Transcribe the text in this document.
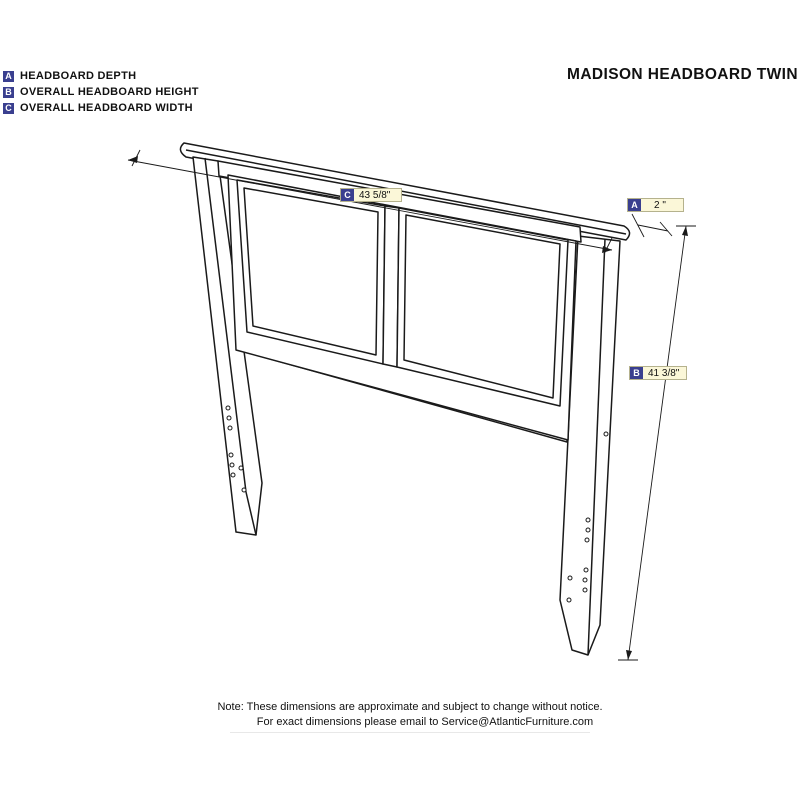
A HEADBOARD DEPTH
B OVERALL HEADBOARD HEIGHT
C OVERALL HEADBOARD WIDTH
MADISON HEADBOARD TWIN
C 43 5/8"
A	2 "
B 41 3/8"
Note: These dimensions are approximate and subject to change without notice.
For exact dimensions please email to Service@AtlanticFurniture.com
